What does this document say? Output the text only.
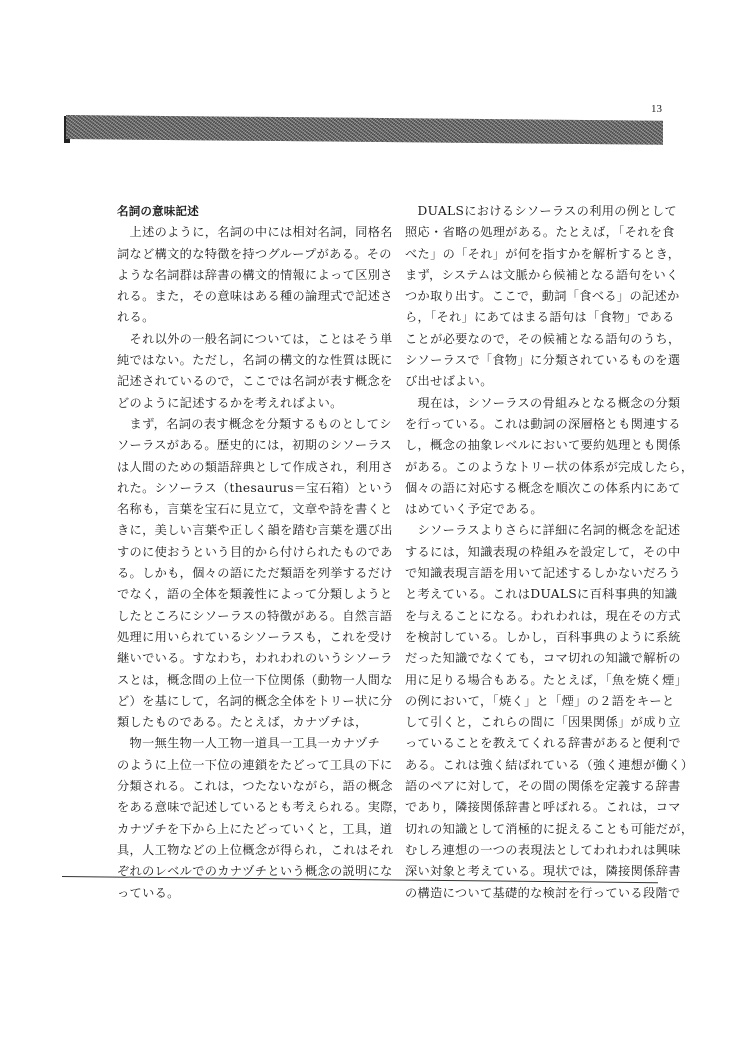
13
名詞の意味記述
　上述のように，名詞の中には相対名詞，同格名
詞など構文的な特徴を持つグループがある。その
ような名詞群は辞書の構文的情報によって区別さ
れる。また，その意味はある種の論理式で記述さ
れる。
　それ以外の一般名詞については，ことはそう単
純ではない。ただし，名詞の構文的な性質は既に
記述されているので，ここでは名詞が表す概念を
どのように記述するかを考えればよい。
　まず，名詞の表す概念を分類するものとしてシ
ソーラスがある。歴史的には，初期のシソーラス
は人間のための類語辞典として作成され，利用さ
れた。シソーラス（thesaurus＝宝石箱）という
名称も，言葉を宝石に見立て，文章や詩を書くと
きに，美しい言葉や正しく韻を踏む言葉を選び出
すのに使おうという目的から付けられたものであ
る。しかも，個々の語にただ類語を列挙するだけ
でなく，語の全体を類義性によって分類しようと
したところにシソーラスの特徴がある。自然言語
処理に用いられているシソーラスも，これを受け
継いでいる。すなわち，われわれのいうシソーラ
スとは，概念間の上位一下位関係（動物一人間な
ど）を基にして，名詞的概念全体をトリー状に分
類したものである。たとえば，カナヅチは，
　物一無生物一人工物一道具一工具一カナヅチ
のように上位一下位の連鎖をたどって工具の下に
分類される。これは，つたないながら，語の概念
をある意味で記述しているとも考えられる。実際，
カナヅチを下から上にたどっていくと，工具，道
具，人工物などの上位概念が得られ，これはそれ
ぞれのレベルでのカナヅチという概念の説明にな
っている。
　DUALSにおけるシソーラスの利用の例として
照応・省略の処理がある。たとえば，「それを食
べた」の「それ」が何を指すかを解析するとき，
まず，システムは文脈から候補となる語句をいく
つか取り出す。ここで，動詞「食べる」の記述か
ら，「それ」にあてはまる語句は「食物」である
ことが必要なので，その候補となる語句のうち，
シソーラスで「食物」に分類されているものを選
び出せばよい。
　現在は，シソーラスの骨組みとなる概念の分類
を行っている。これは動詞の深層格とも関連する
し，概念の抽象レベルにおいて要約処理とも関係
がある。このようなトリー状の体系が完成したら，
個々の語に対応する概念を順次この体系内にあて
はめていく予定である。
　シソーラスよりさらに詳細に名詞的概念を記述
するには，知識表現の枠組みを設定して，その中
で知識表現言語を用いて記述するしかないだろう
と考えている。これはDUALSに百科事典的知識
を与えることになる。われわれは，現在その方式
を検討している。しかし，百科事典のように系統
だった知識でなくても，コマ切れの知識で解析の
用に足りる場合もある。たとえば，「魚を焼く煙」
の例において，「焼く」と「煙」の２語をキーと
して引くと，これらの間に「因果関係」が成り立
っていることを教えてくれる辞書があると便利で
ある。これは強く結ばれている（強く連想が働く）
語のペアに対して，その間の関係を定義する辞書
であり，隣接関係辞書と呼ばれる。これは，コマ
切れの知識として消極的に捉えることも可能だが，
むしろ連想の一つの表現法としてわれわれは興味
深い対象と考えている。現状では，隣接関係辞書
の構造について基礎的な検討を行っている段階で
